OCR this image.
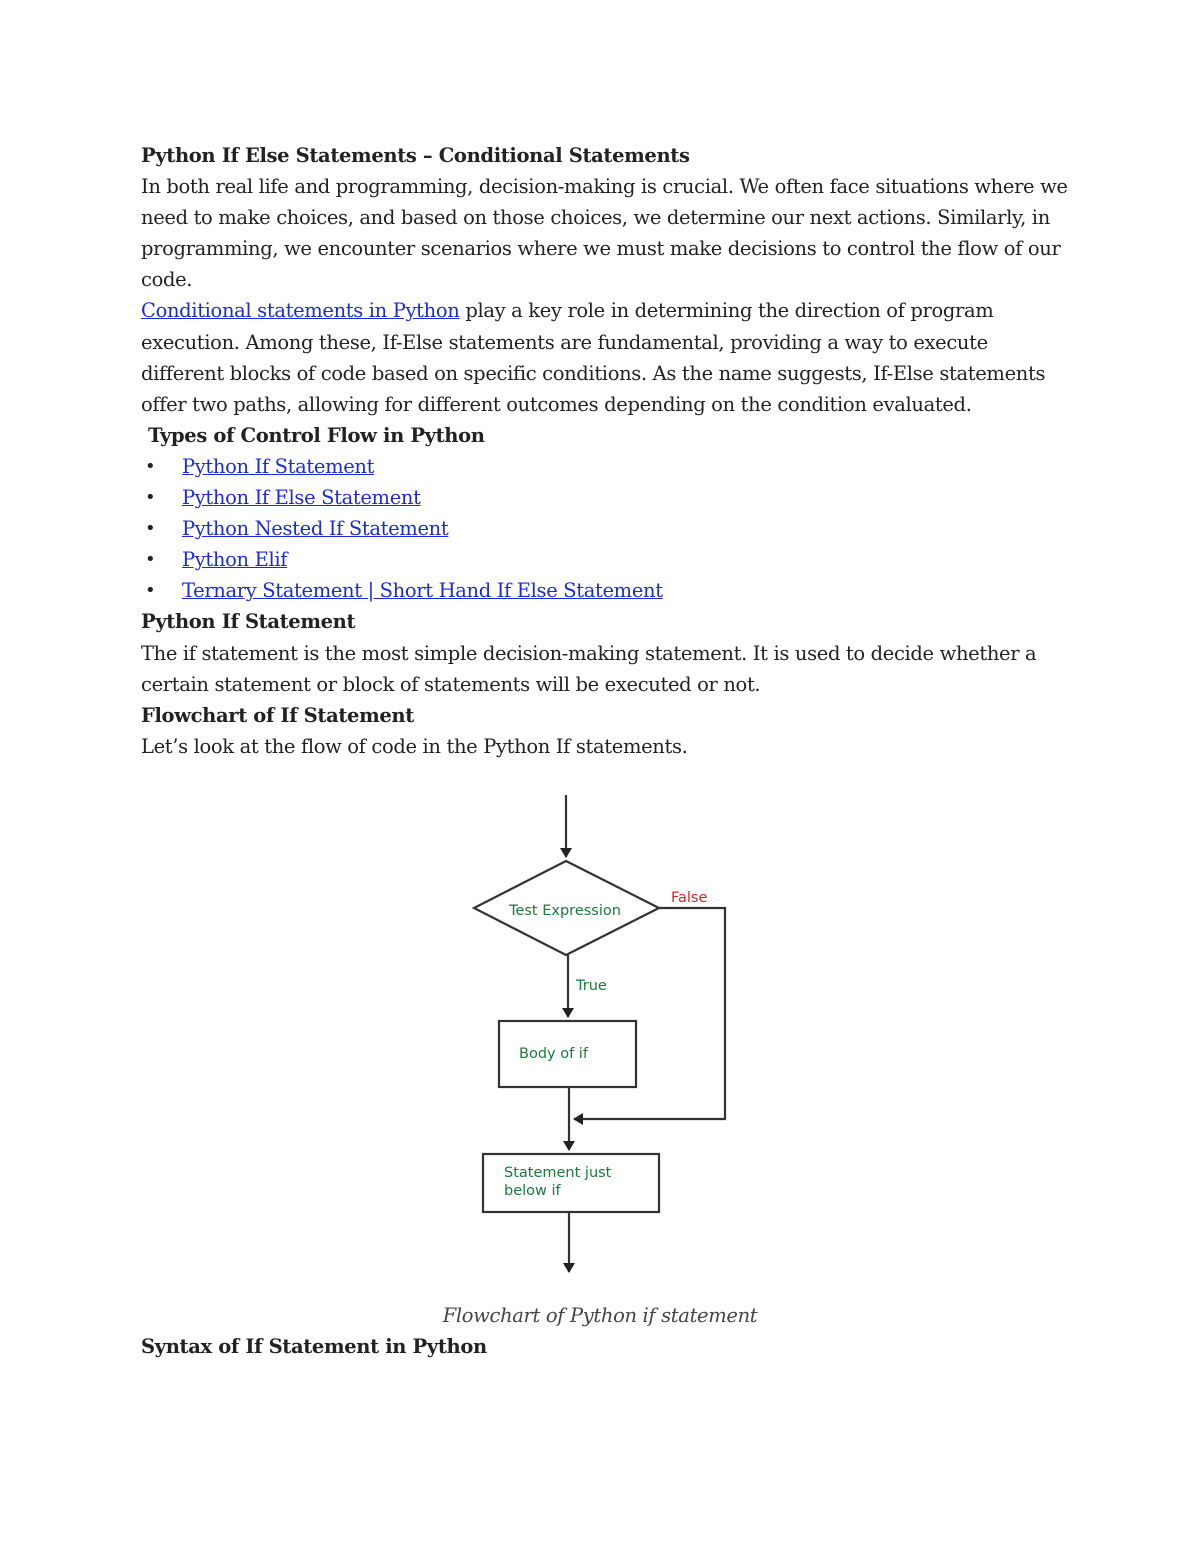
Python If Else Statements – Conditional Statements
In both real life and programming, decision-making is crucial. We often face situations where we
need to make choices, and based on those choices, we determine our next actions. Similarly, in
programming, we encounter scenarios where we must make decisions to control the flow of our
code.
Conditional statements in Python play a key role in determining the direction of program
execution. Among these, If-Else statements are fundamental, providing a way to execute
different blocks of code based on specific conditions. As the name suggests, If-Else statements
offer two paths, allowing for different outcomes depending on the condition evaluated.
Types of Control Flow in Python
• Python If Statement
• Python If Else Statement
• Python Nested If Statement
• Python Elif
• Ternary Statement | Short Hand If Else Statement
Python If Statement
The if statement is the most simple decision-making statement. It is used to decide whether a
certain statement or block of statements will be executed or not.
Flowchart of If Statement
Let’s look at the flow of code in the Python If statements.
Test Expression
False
True
Body of if
Statement just
below if
Flowchart of Python if statement
Syntax of If Statement in Python
